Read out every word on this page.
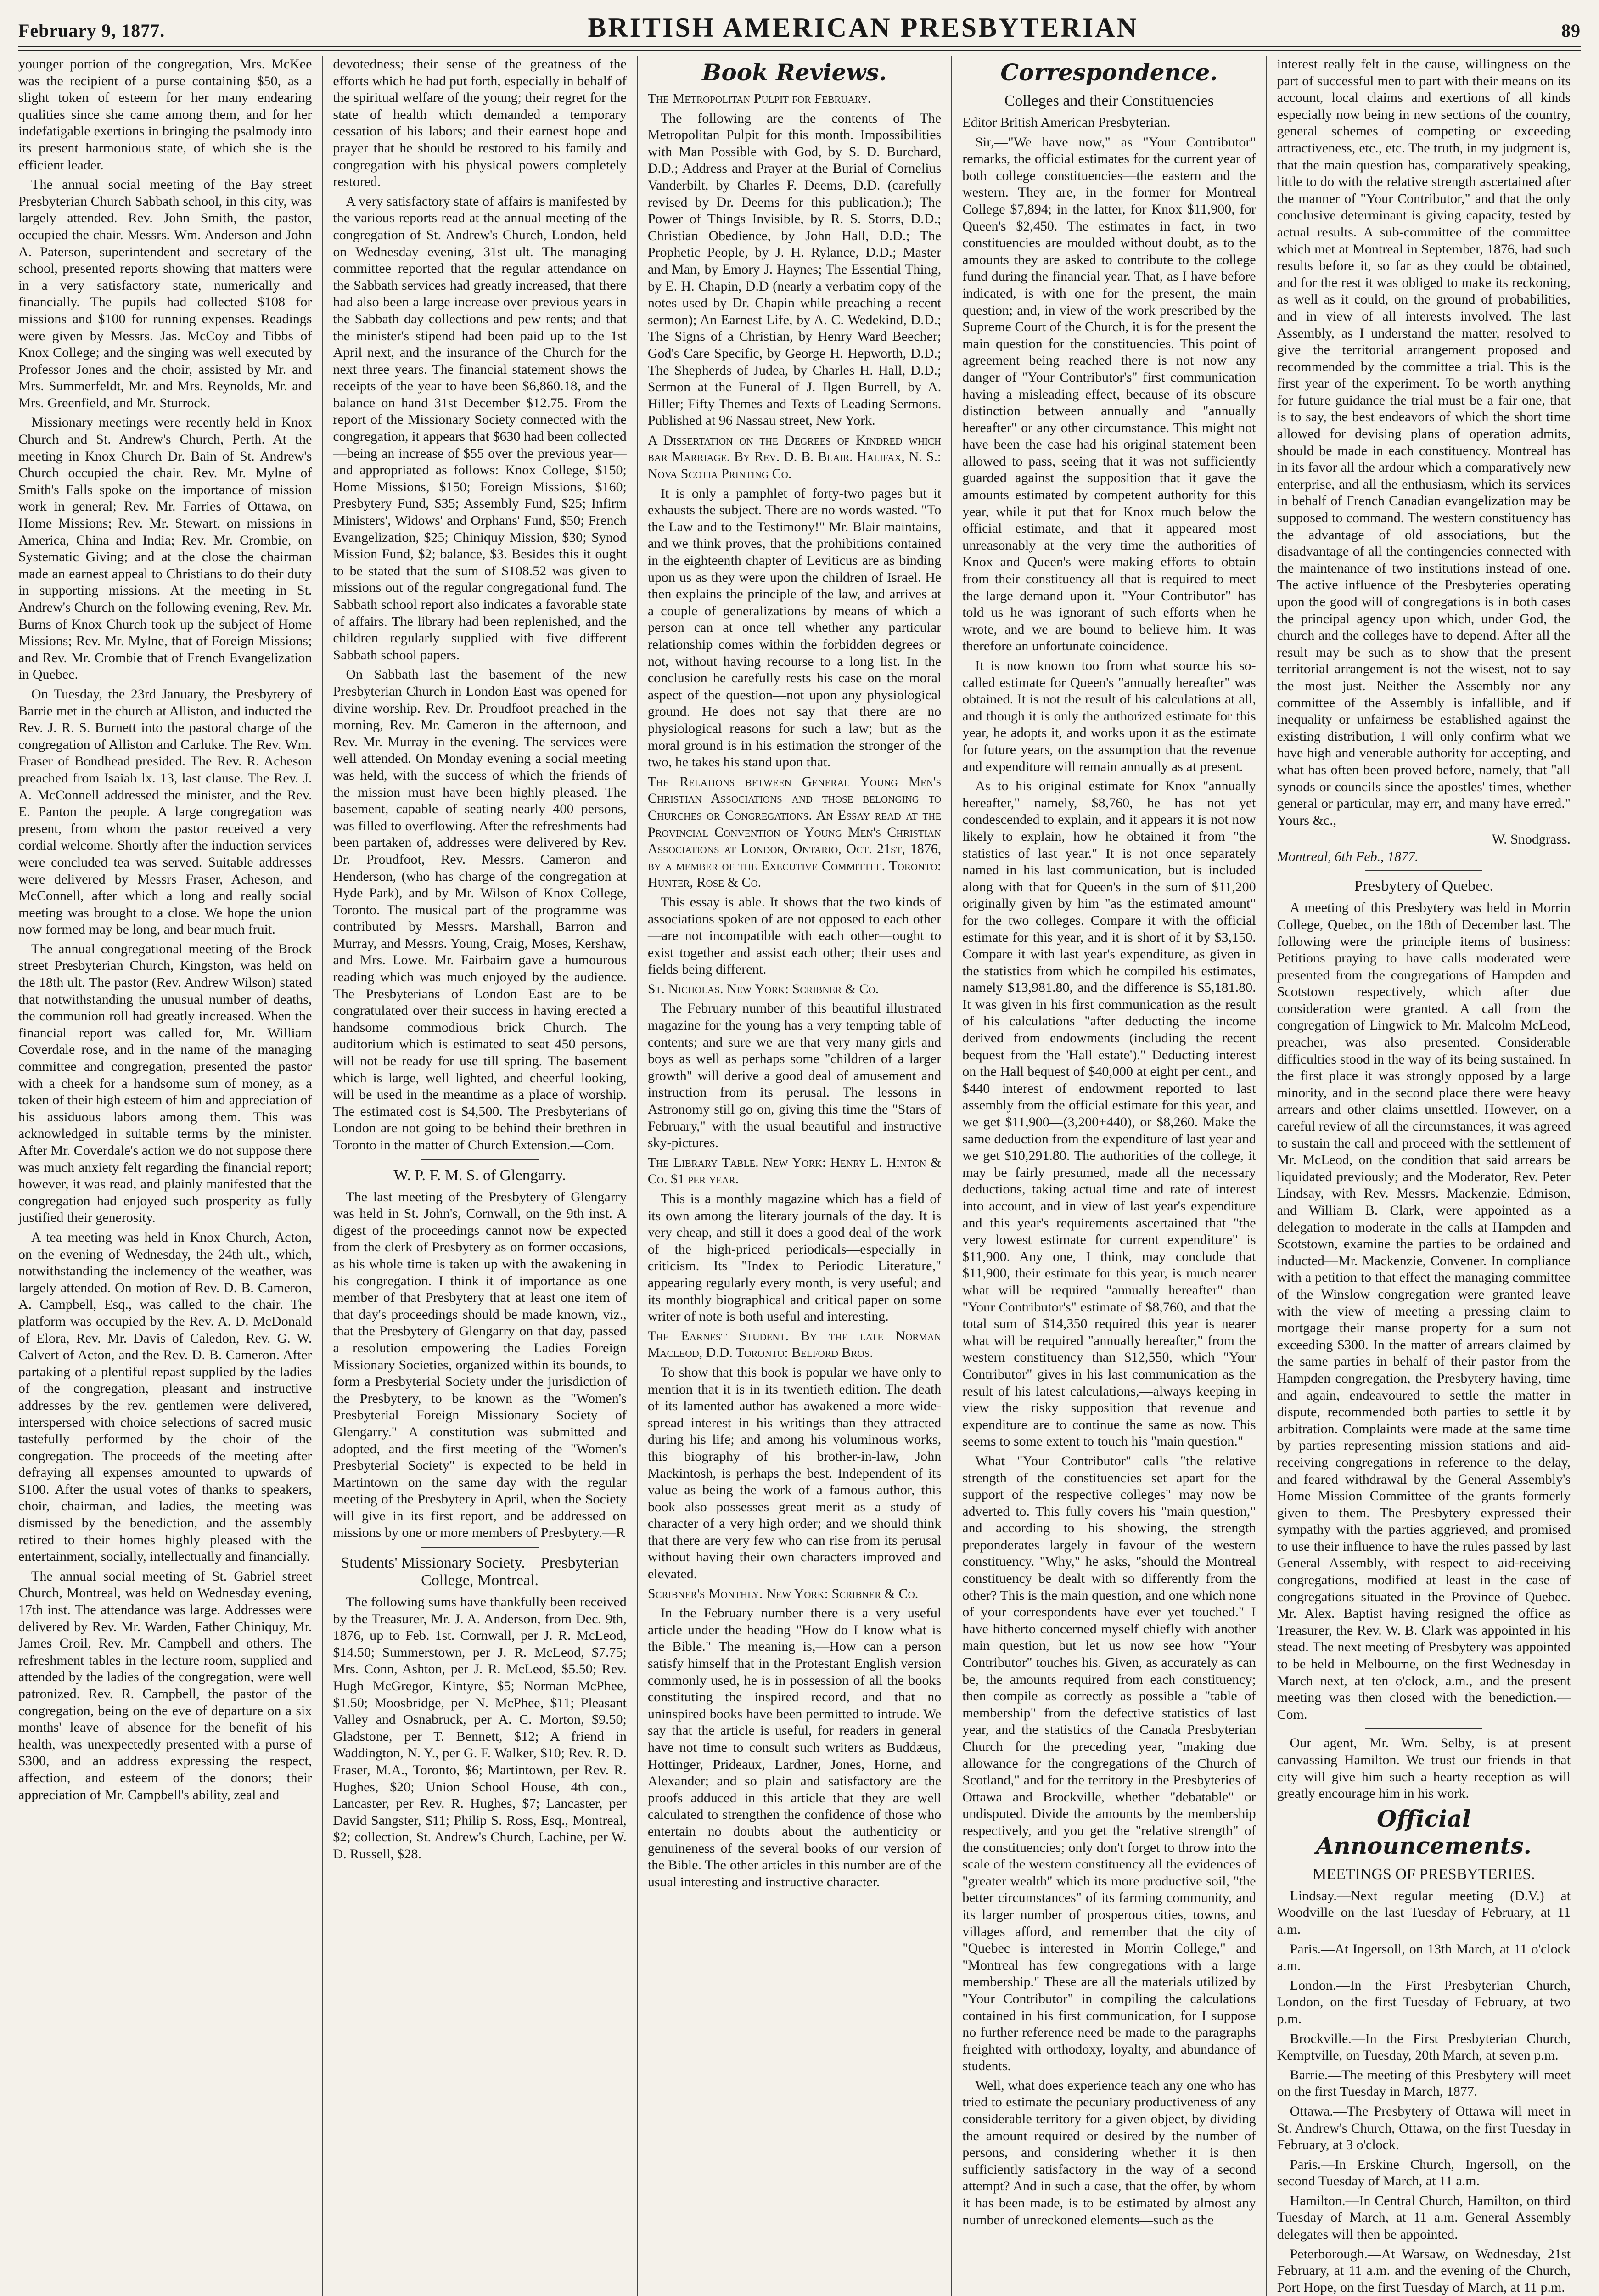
February 9, 1877.	BRITISH AMERICAN PRESBYTERIAN	89

younger portion of the congregation, Mrs. McKee was the recipient of a purse containing $50, as a slight token of esteem for her many endearing qualities since she came among them, and for her indefatigable exertions in bringing the psalmody into its present harmonious state, of which she is the efficient leader.

The annual social meeting of the Bay street Presbyterian Church Sabbath school, in this city, was largely attended. Rev. John Smith, the pastor, occupied the chair. Messrs. Wm. Anderson and John A. Paterson, superintendent and secretary of the school, presented reports showing that matters were in a very satisfactory state, numerically and financially. The pupils had collected $108 for missions and $100 for running expenses. Readings were given by Messrs. Jas. McCoy and Tibbs of Knox College; and the singing was well executed by Professor Jones and the choir, assisted by Mr. and Mrs. Summerfeldt, Mr. and Mrs. Reynolds, Mr. and Mrs. Greenfield, and Mr. Sturrock.

Missionary meetings were recently held in Knox Church and St. Andrew's Church, Perth. At the meeting in Knox Church Dr. Bain of St. Andrew's Church occupied the chair. Rev. Mr. Mylne of Smith's Falls spoke on the importance of mission work in general; Rev. Mr. Farries of Ottawa, on Home Missions; Rev. Mr. Stewart, on missions in America, China and India; Rev. Mr. Crombie, on Systematic Giving; and at the close the chairman made an earnest appeal to Christians to do their duty in supporting missions. At the meeting in St. Andrew's Church on the following evening, Rev. Mr. Burns of Knox Church took up the subject of Home Missions; Rev. Mr. Mylne, that of Foreign Missions; and Rev. Mr. Crombie that of French Evangelization in Quebec.

On Tuesday, the 23rd January, the Presbytery of Barrie met in the church at Alliston, and inducted the Rev. J. R. S. Burnett into the pastoral charge of the congregation of Alliston and Carluke. The Rev. Wm. Fraser of Bondhead presided. The Rev. R. Acheson preached from Isaiah lx. 13, last clause. The Rev. J. A. McConnell addressed the minister, and the Rev. E. Panton the people. A large congregation was present, from whom the pastor received a very cordial welcome. Shortly after the induction services were concluded tea was served. Suitable addresses were delivered by Messrs Fraser, Acheson, and McConnell, after which a long and really social meeting was brought to a close. We hope the union now formed may be long, and bear much fruit.

The annual congregational meeting of the Brock street Presbyterian Church, Kingston, was held on the 18th ult. The pastor (Rev. Andrew Wilson) stated that notwithstanding the unusual number of deaths, the communion roll had greatly increased. When the financial report was called for, Mr. William Coverdale rose, and in the name of the managing committee and congregation, presented the pastor with a cheek for a handsome sum of money, as a token of their high esteem of him and appreciation of his assiduous labors among them. This was acknowledged in suitable terms by the minister. After Mr. Coverdale's action we do not suppose there was much anxiety felt regarding the financial report; however, it was read, and plainly manifested that the congregation had enjoyed such prosperity as fully justified their generosity.

A tea meeting was held in Knox Church, Acton, on the evening of Wednesday, the 24th ult., which, notwithstanding the inclemency of the weather, was largely attended. On motion of Rev. D. B. Cameron, A. Campbell, Esq., was called to the chair. The platform was occupied by the Rev. A. D. McDonald of Elora, Rev. Mr. Davis of Caledon, Rev. G. W. Calvert of Acton, and the Rev. D. B. Cameron. After partaking of a plentiful repast supplied by the ladies of the congregation, pleasant and instructive addresses by the rev. gentlemen were delivered, interspersed with choice selections of sacred music tastefully performed by the choir of the congregation. The proceeds of the meeting after defraying all expenses amounted to upwards of $100. After the usual votes of thanks to speakers, choir, chairman, and ladies, the meeting was dismissed by the benediction, and the assembly retired to their homes highly pleased with the entertainment, socially, intellectually and financially.

The annual social meeting of St. Gabriel street Church, Montreal, was held on Wednesday evening, 17th inst. The attendance was large. Addresses were delivered by Rev. Mr. Warden, Father Chiniquy, Mr. James Croil, Rev. Mr. Campbell and others. The refreshment tables in the lecture room, supplied and attended by the ladies of the congregation, were well patronized. Rev. R. Campbell, the pastor of the congregation, being on the eve of departure on a six months' leave of absence for the benefit of his health, was unexpectedly presented with a purse of $300, and an address expressing the respect, affection, and esteem of the donors; their appreciation of Mr. Campbell's ability, zeal and

devotedness; their sense of the greatness of the efforts which he had put forth, especially in behalf of the spiritual welfare of the young; their regret for the state of health which demanded a temporary cessation of his labors; and their earnest hope and prayer that he should be restored to his family and congregation with his physical powers completely restored.

A very satisfactory state of affairs is manifested by the various reports read at the annual meeting of the congregation of St. Andrew's Church, London, held on Wednesday evening, 31st ult. The managing committee reported that the regular attendance on the Sabbath services had greatly increased, that there had also been a large increase over previous years in the Sabbath day collections and pew rents; and that the minister's stipend had been paid up to the 1st April next, and the insurance of the Church for the next three years. The financial statement shows the receipts of the year to have been $6,860.18, and the balance on hand 31st December $12.75. From the report of the Missionary Society connected with the congregation, it appears that $630 had been collected—being an increase of $55 over the previous year—and appropriated as follows: Knox College, $150; Home Missions, $150; Foreign Missions, $160; Presbytery Fund, $35; Assembly Fund, $25; Infirm Ministers', Widows' and Orphans' Fund, $50; French Evangelization, $25; Chiniquy Mission, $30; Synod Mission Fund, $2; balance, $3. Besides this it ought to be stated that the sum of $108.52 was given to missions out of the regular congregational fund. The Sabbath school report also indicates a favorable state of affairs. The library had been replenished, and the children regularly supplied with five different Sabbath school papers.

On Sabbath last the basement of the new Presbyterian Church in London East was opened for divine worship. Rev. Dr. Proudfoot preached in the morning, Rev. Mr. Cameron in the afternoon, and Rev. Mr. Murray in the evening. The services were well attended. On Monday evening a social meeting was held, with the success of which the friends of the mission must have been highly pleased. The basement, capable of seating nearly 400 persons, was filled to overflowing. After the refreshments had been partaken of, addresses were delivered by Rev. Dr. Proudfoot, Rev. Messrs. Cameron and Henderson, (who has charge of the congregation at Hyde Park), and by Mr. Wilson of Knox College, Toronto. The musical part of the programme was contributed by Messrs. Marshall, Barron and Murray, and Messrs. Young, Craig, Moses, Kershaw, and Mrs. Lowe. Mr. Fairbairn gave a humourous reading which was much enjoyed by the audience. The Presbyterians of London East are to be congratulated over their success in having erected a handsome commodious brick Church. The auditorium which is estimated to seat 450 persons, will not be ready for use till spring. The basement which is large, well lighted, and cheerful looking, will be used in the meantime as a place of worship. The estimated cost is $4,500. The Presbyterians of London are not going to be behind their brethren in Toronto in the matter of Church Extension.—Com.

W. P. F. M. S. of Glengarry.

The last meeting of the Presbytery of Glengarry was held in St. John's, Cornwall, on the 9th inst. A digest of the proceedings cannot now be expected from the clerk of Presbytery as on former occasions, as his whole time is taken up with the awakening in his congregation. I think it of importance as one member of that Presbytery that at least one item of that day's proceedings should be made known, viz., that the Presbytery of Glengarry on that day, passed a resolution empowering the Ladies Foreign Missionary Societies, organized within its bounds, to form a Presbyterial Society under the jurisdiction of the Presbytery, to be known as the "Women's Presbyterial Foreign Missionary Society of Glengarry." A constitution was submitted and adopted, and the first meeting of the "Women's Presbyterial Society" is expected to be held in Martintown on the same day with the regular meeting of the Presbytery in April, when the Society will give in its first report, and be addressed on missions by one or more members of Presbytery.—R

Students' Missionary Society.—Presbyterian College, Montreal.

The following sums have thankfully been received by the Treasurer, Mr. J. A. Anderson, from Dec. 9th, 1876, up to Feb. 1st. Cornwall, per J. R. McLeod, $14.50; Summerstown, per J. R. McLeod, $7.75; Mrs. Conn, Ashton, per J. R. McLeod, $5.50; Rev. Hugh McGregor, Kintyre, $5; Norman McPhee, $1.50; Moosbridge, per N. McPhee, $11; Pleasant Valley and Osnabruck, per A. C. Morton, $9.50; Gladstone, per T. Bennett, $12; A friend in Waddington, N. Y., per G. F. Walker, $10; Rev. R. D. Fraser, M.A., Toronto, $6; Martintown, per Rev. R. Hughes, $20; Union School House, 4th con., Lancaster, per Rev. R. Hughes, $7; Lancaster, per David Sangster, $11; Philip S. Ross, Esq., Montreal, $2; collection, St. Andrew's Church, Lachine, per W. D. Russell, $28.

Book Reviews.

The Metropolitan Pulpit for February.

The following are the contents of The Metropolitan Pulpit for this month. Impossibilities with Man Possible with God, by S. D. Burchard, D.D.; Address and Prayer at the Burial of Cornelius Vanderbilt, by Charles F. Deems, D.D. (carefully revised by Dr. Deems for this publication.); The Power of Things Invisible, by R. S. Storrs, D.D.; Christian Obedience, by John Hall, D.D.; The Prophetic People, by J. H. Rylance, D.D.; Master and Man, by Emory J. Haynes; The Essential Thing, by E. H. Chapin, D.D (nearly a verbatim copy of the notes used by Dr. Chapin while preaching a recent sermon); An Earnest Life, by A. C. Wedekind, D.D.; The Signs of a Christian, by Henry Ward Beecher; God's Care Specific, by George H. Hepworth, D.D.; The Shepherds of Judea, by Charles H. Hall, D.D.; Sermon at the Funeral of J. Ilgen Burrell, by A. Hiller; Fifty Themes and Texts of Leading Sermons. Published at 96 Nassau street, New York.

A Dissertation on the Degrees of Kindred which bar Marriage. By Rev. D. B. Blair. Halifax, N. S.: Nova Scotia Printing Co.

It is only a pamphlet of forty-two pages but it exhausts the subject. There are no words wasted. "To the Law and to the Testimony!" Mr. Blair maintains, and we think proves, that the prohibitions contained in the eighteenth chapter of Leviticus are as binding upon us as they were upon the children of Israel. He then explains the principle of the law, and arrives at a couple of generalizations by means of which a person can at once tell whether any particular relationship comes within the forbidden degrees or not, without having recourse to a long list. In the conclusion he carefully rests his case on the moral aspect of the question—not upon any physiological ground. He does not say that there are no physiological reasons for such a law; but as the moral ground is in his estimation the stronger of the two, he takes his stand upon that.

The Relations between General Young Men's Christian Associations and those belonging to Churches or Congregations. An Essay read at the Provincial Convention of Young Men's Christian Associations at London, Ontario, Oct. 21st, 1876, by a member of the Executive Committee. Toronto: Hunter, Rose & Co.

This essay is able. It shows that the two kinds of associations spoken of are not opposed to each other—are not incompatible with each other—ought to exist together and assist each other; their uses and fields being different.

St. Nicholas. New York: Scribner & Co.

The February number of this beautiful illustrated magazine for the young has a very tempting table of contents; and sure we are that very many girls and boys as well as perhaps some "children of a larger growth" will derive a good deal of amusement and instruction from its perusal. The lessons in Astronomy still go on, giving this time the "Stars of February," with the usual beautiful and instructive sky-pictures.

The Library Table. New York: Henry L. Hinton & Co. $1 per year.

This is a monthly magazine which has a field of its own among the literary journals of the day. It is very cheap, and still it does a good deal of the work of the high-priced periodicals—especially in criticism. Its "Index to Periodic Literature," appearing regularly every month, is very useful; and its monthly biographical and critical paper on some writer of note is both useful and interesting.

The Earnest Student. By the late Norman Macleod, D.D. Toronto: Belford Bros.

To show that this book is popular we have only to mention that it is in its twentieth edition. The death of its lamented author has awakened a more wide-spread interest in his writings than they attracted during his life; and among his voluminous works, this biography of his brother-in-law, John Mackintosh, is perhaps the best. Independent of its value as being the work of a famous author, this book also possesses great merit as a study of character of a very high order; and we should think that there are very few who can rise from its perusal without having their own characters improved and elevated.

Scribner's Monthly. New York: Scribner & Co.

In the February number there is a very useful article under the heading "How do I know what is the Bible." The meaning is,—How can a person satisfy himself that in the Protestant English version commonly used, he is in possession of all the books constituting the inspired record, and that no uninspired books have been permitted to intrude. We say that the article is useful, for readers in general have not time to consult such writers as Buddæus, Hottinger, Prideaux, Lardner, Jones, Horne, and Alexander; and so plain and satisfactory are the proofs adduced in this article that they are well calculated to strengthen the confidence of those who entertain no doubts about the authenticity or genuineness of the several books of our version of the Bible. The other articles in this number are of the usual interesting and instructive character.

Correspondence.
Colleges and their Constituencies

Editor British American Presbyterian.

Sir,—"We have now," as "Your Contributor" remarks, the official estimates for the current year of both college constituencies—the eastern and the western. They are, in the former for Montreal College $7,894; in the latter, for Knox $11,900, for Queen's $2,450. The estimates in fact, in two constituencies are moulded without doubt, as to the amounts they are asked to contribute to the college fund during the financial year. That, as I have before indicated, is with one for the present, the main question; and, in view of the work prescribed by the Supreme Court of the Church, it is for the present the main question for the constituencies. This point of agreement being reached there is not now any danger of "Your Contributor's" first communication having a misleading effect, because of its obscure distinction between annually and "annually hereafter" or any other circumstance. This might not have been the case had his original statement been allowed to pass, seeing that it was not sufficiently guarded against the supposition that it gave the amounts estimated by competent authority for this year, while it put that for Knox much below the official estimate, and that it appeared most unreasonably at the very time the authorities of Knox and Queen's were making efforts to obtain from their constituency all that is required to meet the large demand upon it. "Your Contributor" has told us he was ignorant of such efforts when he wrote, and we are bound to believe him. It was therefore an unfortunate coincidence.

It is now known too from what source his so-called estimate for Queen's "annually hereafter" was obtained. It is not the result of his calculations at all, and though it is only the authorized estimate for this year, he adopts it, and works upon it as the estimate for future years, on the assumption that the revenue and expenditure will remain annually as at present.

As to his original estimate for Knox "annually hereafter," namely, $8,760, he has not yet condescended to explain, and it appears it is not now likely to explain, how he obtained it from "the statistics of last year." It is not once separately named in his last communication, but is included along with that for Queen's in the sum of $11,200 originally given by him "as the estimated amount" for the two colleges. Compare it with the official estimate for this year, and it is short of it by $3,150. Compare it with last year's expenditure, as given in the statistics from which he compiled his estimates, namely $13,981.80, and the difference is $5,181.80. It was given in his first communication as the result of his calculations "after deducting the income derived from endowments (including the recent bequest from the 'Hall estate')." Deducting interest on the Hall bequest of $40,000 at eight per cent., and $440 interest of endowment reported to last assembly from the official estimate for this year, and we get $11,900—(3,200+440), or $8,260. Make the same deduction from the expenditure of last year and we get $10,291.80. The authorities of the college, it may be fairly presumed, made all the necessary deductions, taking actual time and rate of interest into account, and in view of last year's expenditure and this year's requirements ascertained that "the very lowest estimate for current expenditure" is $11,900. Any one, I think, may conclude that $11,900, their estimate for this year, is much nearer what will be required "annually hereafter" than "Your Contributor's" estimate of $8,760, and that the total sum of $14,350 required this year is nearer what will be required "annually hereafter," from the western constituency than $12,550, which "Your Contributor" gives in his last communication as the result of his latest calculations,—always keeping in view the risky supposition that revenue and expenditure are to continue the same as now. This seems to some extent to touch his "main question."

What "Your Contributor" calls "the relative strength of the constituencies set apart for the support of the respective colleges" may now be adverted to. This fully covers his "main question," and according to his showing, the strength preponderates largely in favour of the western constituency. "Why," he asks, "should the Montreal constituency be dealt with so differently from the other? This is the main question, and one which none of your correspondents have ever yet touched." I have hitherto concerned myself chiefly with another main question, but let us now see how "Your Contributor" touches his. Given, as accurately as can be, the amounts required from each constituency; then compile as correctly as possible a "table of membership" from the defective statistics of last year, and the statistics of the Canada Presbyterian Church for the preceding year, "making due allowance for the congregations of the Church of Scotland," and for the territory in the Presbyteries of Ottawa and Brockville, whether "debatable" or undisputed. Divide the amounts by the membership respectively, and you get the "relative strength" of the constituencies; only don't forget to throw into the scale of the western constituency all the evidences of "greater wealth" which its more productive soil, "the better circumstances" of its farming community, and its larger number of prosperous cities, towns, and villages afford, and remember that the city of "Quebec is interested in Morrin College," and "Montreal has few congregations with a large membership." These are all the materials utilized by "Your Contributor" in compiling the calculations contained in his first communication, for I suppose no further reference need be made to the paragraphs freighted with orthodoxy, loyalty, and abundance of students.

Well, what does experience teach any one who has tried to estimate the pecuniary productiveness of any considerable territory for a given object, by dividing the amount required or desired by the number of persons, and considering whether it is then sufficiently satisfactory in the way of a second attempt? And in such a case, that the offer, by whom it has been made, is to be estimated by almost any number of unreckoned elements—such as the

interest really felt in the cause, willingness on the part of successful men to part with their means on its account, local claims and exertions of all kinds especially now being in new sections of the country, general schemes of competing or exceeding attractiveness, etc., etc. The truth, in my judgment is, that the main question has, comparatively speaking, little to do with the relative strength ascertained after the manner of "Your Contributor," and that the only conclusive determinant is giving capacity, tested by actual results. A sub-committee of the committee which met at Montreal in September, 1876, had such results before it, so far as they could be obtained, and for the rest it was obliged to make its reckoning, as well as it could, on the ground of probabilities, and in view of all interests involved. The last Assembly, as I understand the matter, resolved to give the territorial arrangement proposed and recommended by the committee a trial. This is the first year of the experiment. To be worth anything for future guidance the trial must be a fair one, that is to say, the best endeavors of which the short time allowed for devising plans of operation admits, should be made in each constituency. Montreal has in its favor all the ardour which a comparatively new enterprise, and all the enthusiasm, which its services in behalf of French Canadian evangelization may be supposed to command. The western constituency has the advantage of old associations, but the disadvantage of all the contingencies connected with the maintenance of two institutions instead of one. The active influence of the Presbyteries operating upon the good will of congregations is in both cases the principal agency upon which, under God, the church and the colleges have to depend. After all the result may be such as to show that the present territorial arrangement is not the wisest, not to say the most just. Neither the Assembly nor any committee of the Assembly is infallible, and if inequality or unfairness be established against the existing distribution, I will only confirm what we have high and venerable authority for accepting, and what has often been proved before, namely, that "all synods or councils since the apostles' times, whether general or particular, may err, and many have erred." Yours &c.,

W. Snodgrass.
Montreal, 6th Feb., 1877.
Presbytery of Quebec.

A meeting of this Presbytery was held in Morrin College, Quebec, on the 18th of December last. The following were the principle items of business: Petitions praying to have calls moderated were presented from the congregations of Hampden and Scotstown respectively, which after due consideration were granted. A call from the congregation of Lingwick to Mr. Malcolm McLeod, preacher, was also presented. Considerable difficulties stood in the way of its being sustained. In the first place it was strongly opposed by a large minority, and in the second place there were heavy arrears and other claims unsettled. However, on a careful review of all the circumstances, it was agreed to sustain the call and proceed with the settlement of Mr. McLeod, on the condition that said arrears be liquidated previously; and the Moderator, Rev. Peter Lindsay, with Rev. Messrs. Mackenzie, Edmison, and William B. Clark, were appointed as a delegation to moderate in the calls at Hampden and Scotstown, examine the parties to be ordained and inducted—Mr. Mackenzie, Convener. In compliance with a petition to that effect the managing committee of the Winslow congregation were granted leave with the view of meeting a pressing claim to mortgage their manse property for a sum not exceeding $300. In the matter of arrears claimed by the same parties in behalf of their pastor from the Hampden congregation, the Presbytery having, time and again, endeavoured to settle the matter in dispute, recommended both parties to settle it by arbitration. Complaints were made at the same time by parties representing mission stations and aid-receiving congregations in reference to the delay, and feared withdrawal by the General Assembly's Home Mission Committee of the grants formerly given to them. The Presbytery expressed their sympathy with the parties aggrieved, and promised to use their influence to have the rules passed by last General Assembly, with respect to aid-receiving congregations, modified at least in the case of congregations situated in the Province of Quebec. Mr. Alex. Baptist having resigned the office as Treasurer, the Rev. W. B. Clark was appointed in his stead. The next meeting of Presbytery was appointed to be held in Melbourne, on the first Wednesday in March next, at ten o'clock, a.m., and the present meeting was then closed with the benediction.—Com.

Our agent, Mr. Wm. Selby, is at present canvassing Hamilton. We trust our friends in that city will give him such a hearty reception as will greatly encourage him in his work.

Official Announcements.
MEETINGS OF PRESBYTERIES.

Lindsay.—Next regular meeting (D.V.) at Woodville on the last Tuesday of February, at 11 a.m.

Paris.—At Ingersoll, on 13th March, at 11 o'clock a.m.

London.—In the First Presbyterian Church, London, on the first Tuesday of February, at two p.m.

Brockville.—In the First Presbyterian Church, Kemptville, on Tuesday, 20th March, at seven p.m.

Barrie.—The meeting of this Presbytery will meet on the first Tuesday in March, 1877.

Ottawa.—The Presbytery of Ottawa will meet in St. Andrew's Church, Ottawa, on the first Tuesday in February, at 3 o'clock.

Paris.—In Erskine Church, Ingersoll, on the second Tuesday of March, at 11 a.m.

Hamilton.—In Central Church, Hamilton, on third Tuesday of March, at 11 a.m. General Assembly delegates will then be appointed.

Peterborough.—At Warsaw, on Wednesday, 21st February, at 11 a.m. and the evening of the Church, Port Hope, on the first Tuesday of March, at 11 p.m.
